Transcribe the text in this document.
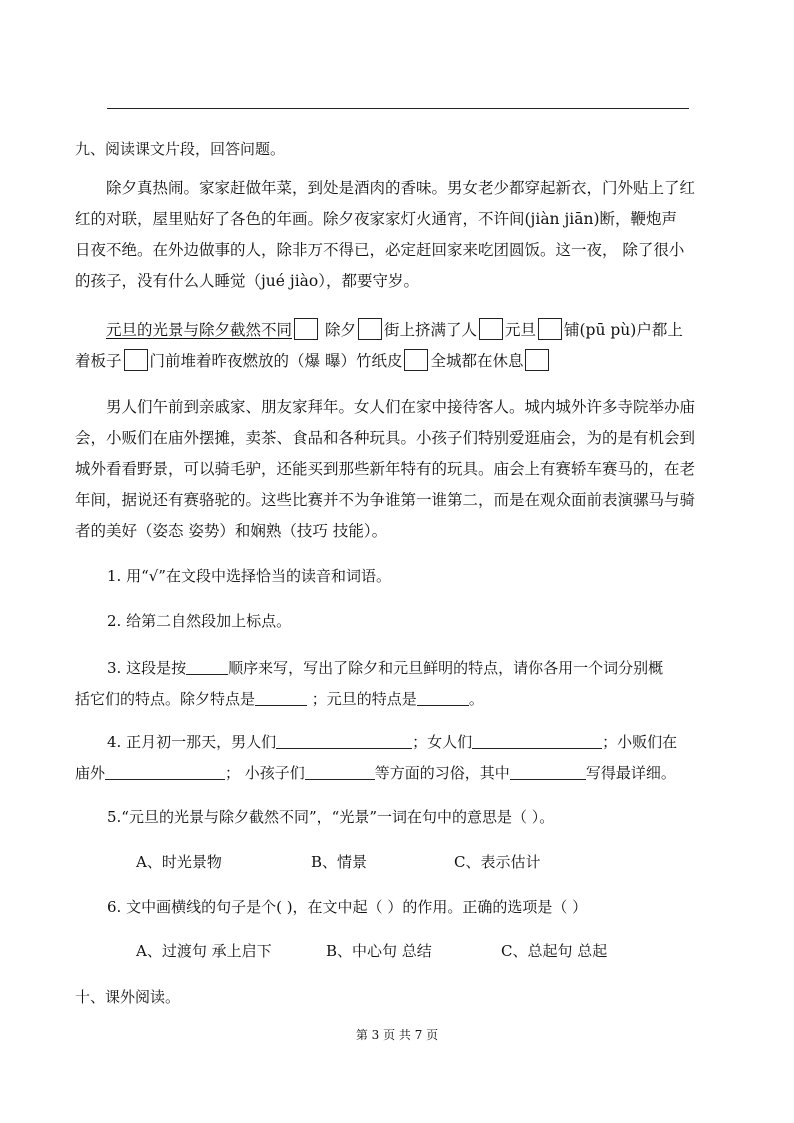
九、阅读课文片段，回答问题。
除夕真热闹。家家赶做年菜，到处是酒肉的香味。男女老少都穿起新衣，门外贴上了红
红的对联，屋里贴好了各色的年画。除夕夜家家灯火通宵，不许间(jiàn jiān)断，鞭炮声
日夜不绝。在外边做事的人，除非万不得已，必定赶回家来吃团圆饭。这一夜， 除了很小
的孩子，没有什么人睡觉（jué jiào），都要守岁。
元旦的光景与除夕截然不同 除夕 街上挤满了人 元旦 铺(pū pù)户都上
着板子 门前堆着昨夜燃放的（爆 曝）竹纸皮 全城都在休息
男人们午前到亲戚家、朋友家拜年。女人们在家中接待客人。城内城外许多寺院举办庙
会，小贩们在庙外摆摊，卖茶、食品和各种玩具。小孩子们特别爱逛庙会，为的是有机会到
城外看看野景，可以骑毛驴，还能买到那些新年特有的玩具。庙会上有赛轿车赛马的，在老
年间，据说还有赛骆驼的。这些比赛并不为争谁第一谁第二，而是在观众面前表演骡马与骑
者的美好（姿态 姿势）和娴熟（技巧 技能）。
1. 用“√”在文段中选择恰当的读音和词语。
2. 给第二自然段加上标点。
3. 这段是按	顺序来写，写出了除夕和元旦鲜明的特点，请你各用一个词分别概
括它们的特点。除夕特点是	；元旦的特点是	。
4. 正月初一那天，男人们	；女人们	；小贩们在
庙外	； 小孩子们	等方面的习俗，其中	写得最详细。
5.“元旦的光景与除夕截然不同”，“光景”一词在句中的意思是（ ）。
A、时光景物	B、情景	C、表示估计
6. 文中画横线的句子是个( )，在文中起（ ）的作用。正确的选项是（ ）
A、过渡句 承上启下	B、中心句 总结	C、总起句 总起
十、课外阅读。
第 3 页 共 7 页
